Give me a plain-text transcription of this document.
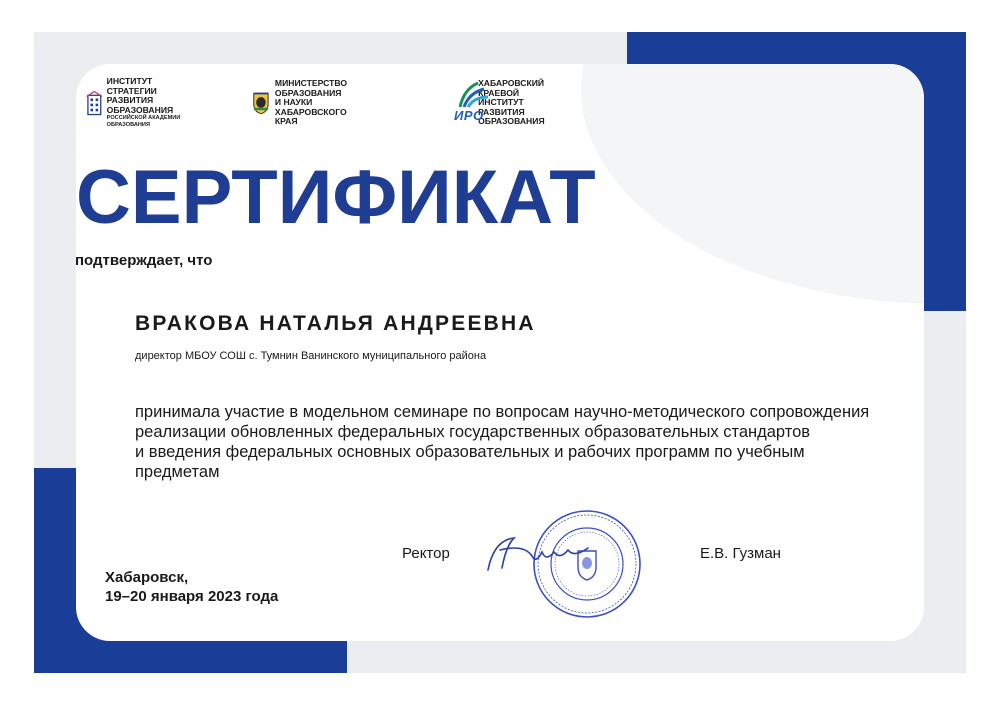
ИНСТИТУТ СТРАТЕГИИ
РАЗВИТИЯ ОБРАЗОВАНИЯ
РОССИЙСКОЙ АКАДЕМИИ ОБРАЗОВАНИЯ
МИНИСТЕРСТВО ОБРАЗОВАНИЯ
И НАУКИ ХАБАРОВСКОГО КРАЯ	ИРО
ХАБАРОВСКИЙ КРАЕВОЙ ИНСТИТУТ
РАЗВИТИЯ ОБРАЗОВАНИЯ
СЕРТИФИКАТ
подтверждает, что
ВРАКОВА НАТАЛЬЯ АНДРЕЕВНА
директор МБОУ СОШ с. Тумнин Ванинского муниципального района
принимала участие в модельном семинаре по вопросам научно-методического сопровождения
реализации обновленных федеральных государственных образовательных стандартов
и введения федеральных основных образовательных и рабочих программ по учебным
предметам
Ректор	Е.В. Гузман
Хабаровск,
19–20 января 2023 года
